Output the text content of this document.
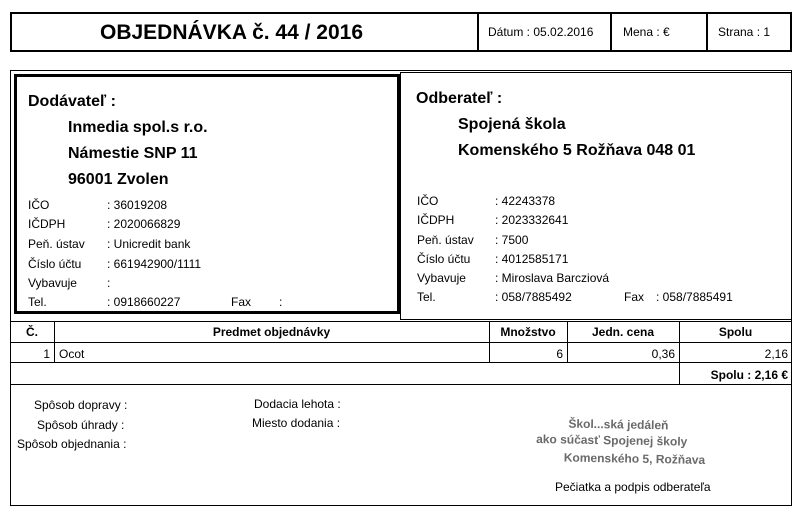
OBJEDNÁVKA č. 44 / 2016	Dátum : 05.02.2016	Mena : €	Strana : 1
Dodávateľ :
Inmedia spol.s r.o.
Námestie SNP 11
96001 Zvolen
IČO	: 36019208
IČDPH	: 2020066829
Peň. ústav : Unicredit bank
Číslo účtu : 661942900/1111
Vybavuje	:
Tel.	: 0918660227	Fax :
Odberateľ :
Spojená škola
Komenského 5 Rožňava 048 01
IČO	: 42243378
IČDPH	: 2023332641
Peň. ústav : 7500
Číslo účtu : 4012585171
Vybavuje : Miroslava Barcziová
Tel.	: 058/7885492	Fax : 058/7885491
Č.	Predmet objednávky	Množstvo	Jedn. cena	Spolu
1 Ocot	6	0,36	2,16
Spolu : 2,16 €
Spôsob dopravy :
Spôsob úhrady :
Spôsob objednania :
Dodacia lehota :
Miesto dodania :	Škol...ská jedáleň
ako súčasť Spojenej školy
Komenského 5, Rožňava
Pečiatka a podpis odberateľa
